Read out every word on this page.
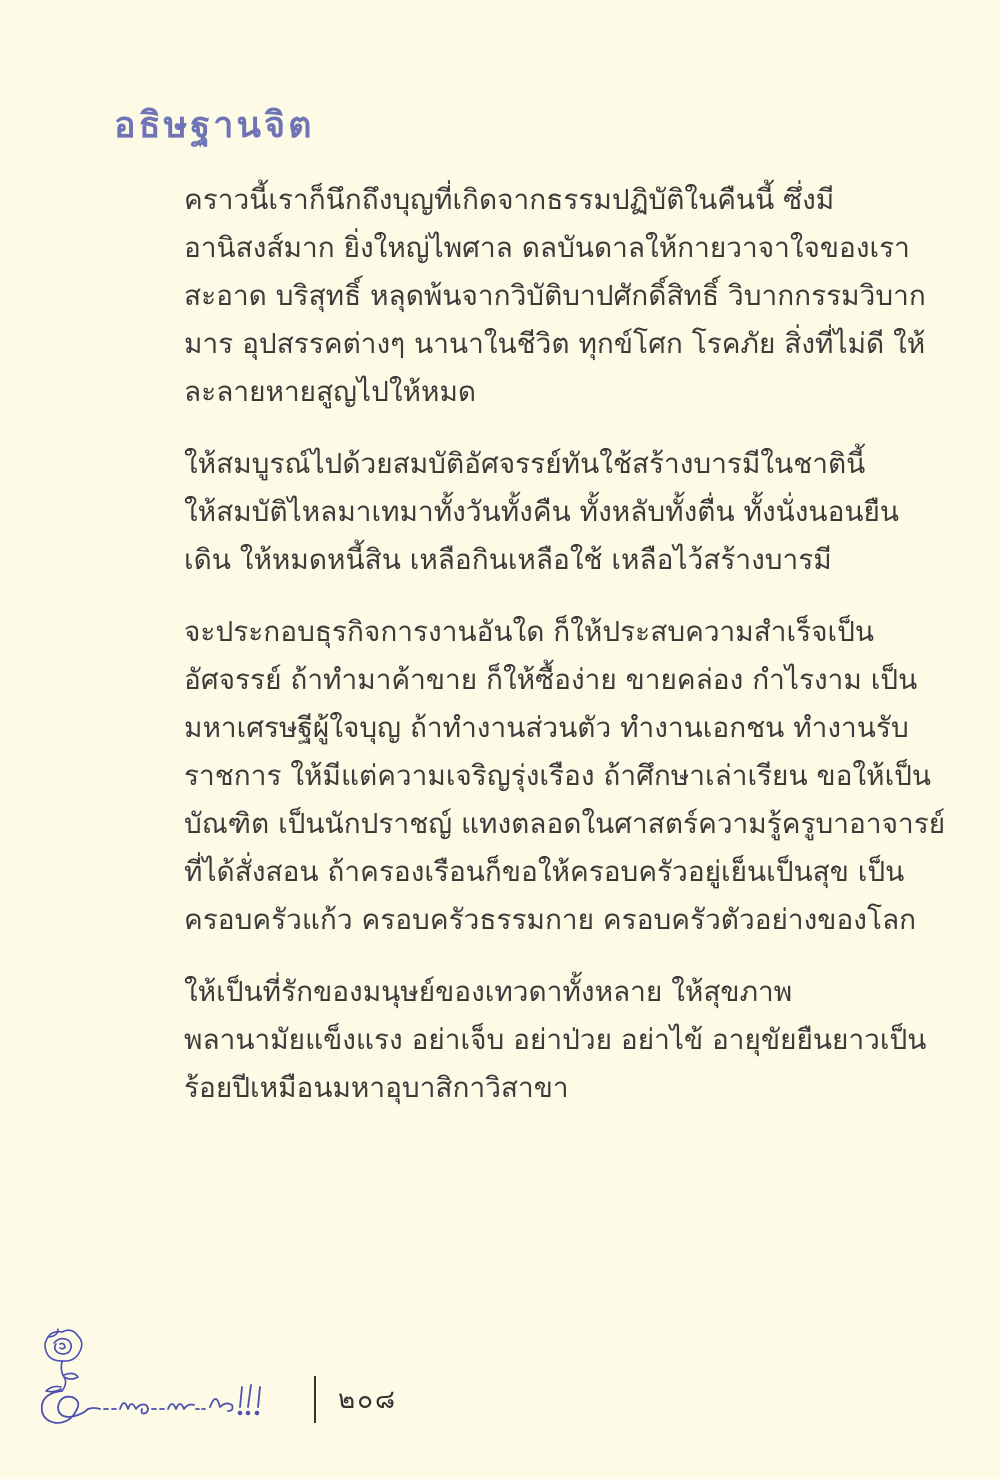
อธิษฐานจิต

คราวนี้เราก็นึกถึงบุญที่เกิดจากธรรมปฏิบัติในคืนนี้ ซึ่งมี
อานิสงส์มาก ยิ่งใหญ่ไพศาล ดลบันดาลให้กายวาจาใจของเรา
สะอาด บริสุทธิ์ หลุดพ้นจากวิบัติบาปศักดิ์สิทธิ์ วิบากกรรมวิบาก
มาร อุปสรรคต่างๆ นานาในชีวิต ทุกข์โศก โรคภัย สิ่งที่ไม่ดี ให้
ละลายหายสูญไปให้หมด

ให้สมบูรณ์ไปด้วยสมบัติอัศจรรย์ทันใช้สร้างบารมีในชาตินี้
ให้สมบัติไหลมาเทมาทั้งวันทั้งคืน ทั้งหลับทั้งตื่น ทั้งนั่งนอนยืน
เดิน ให้หมดหนี้สิน เหลือกินเหลือใช้ เหลือไว้สร้างบารมี

จะประกอบธุรกิจการงานอันใด ก็ให้ประสบความสำเร็จเป็น
อัศจรรย์ ถ้าทำมาค้าขาย ก็ให้ซื้อง่าย ขายคล่อง กำไรงาม เป็น
มหาเศรษฐีผู้ใจบุญ ถ้าทำงานส่วนตัว ทำงานเอกชน ทำงานรับ
ราชการ ให้มีแต่ความเจริญรุ่งเรือง ถ้าศึกษาเล่าเรียน ขอให้เป็น
บัณฑิต เป็นนักปราชญ์ แทงตลอดในศาสตร์ความรู้ครูบาอาจารย์
ที่ได้สั่งสอน ถ้าครองเรือนก็ขอให้ครอบครัวอยู่เย็นเป็นสุข เป็น
ครอบครัวแก้ว ครอบครัวธรรมกาย ครอบครัวตัวอย่างของโลก

ให้เป็นที่รักของมนุษย์ของเทวดาทั้งหลาย ให้สุขภาพ
พลานามัยแข็งแรง อย่าเจ็บ อย่าป่วย อย่าไข้ อายุขัยยืนยาวเป็น
ร้อยปีเหมือนมหาอุบาสิกาวิสาขา

๒๐๘
